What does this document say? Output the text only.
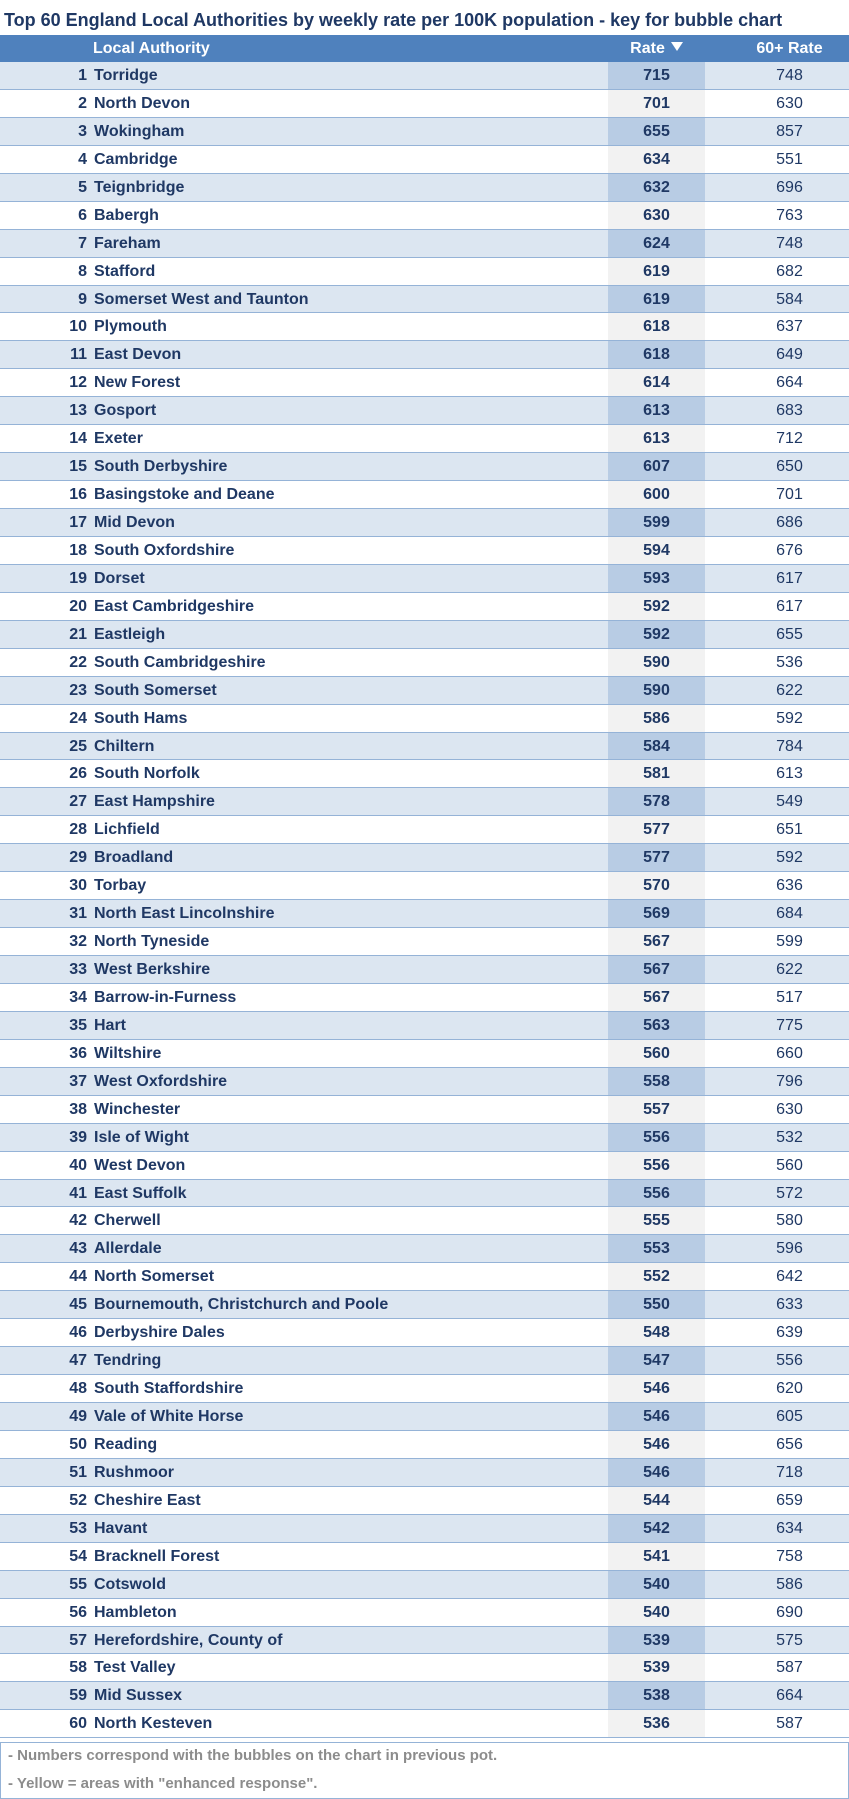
Top 60 England Local Authorities by weekly rate per 100K population - key for bubble chart
Local Authority	Rate	60+ Rate
1 Torridge	715	748
2 North Devon	701	630
3 Wokingham	655	857
4 Cambridge	634	551
5 Teignbridge	632	696
6 Babergh	630	763
7 Fareham	624	748
8 Stafford	619	682
9 Somerset West and Taunton	619	584
10 Plymouth	618	637
11 East Devon	618	649
12 New Forest	614	664
13 Gosport	613	683
14 Exeter	613	712
15 South Derbyshire	607	650
16 Basingstoke and Deane	600	701
17 Mid Devon	599	686
18 South Oxfordshire	594	676
19 Dorset	593	617
20 East Cambridgeshire	592	617
21 Eastleigh	592	655
22 South Cambridgeshire	590	536
23 South Somerset	590	622
24 South Hams	586	592
25 Chiltern	584	784
26 South Norfolk	581	613
27 East Hampshire	578	549
28 Lichfield	577	651
29 Broadland	577	592
30 Torbay	570	636
31 North East Lincolnshire	569	684
32 North Tyneside	567	599
33 West Berkshire	567	622
34 Barrow-in-Furness	567	517
35 Hart	563	775
36 Wiltshire	560	660
37 West Oxfordshire	558	796
38 Winchester	557	630
39 Isle of Wight	556	532
40 West Devon	556	560
41 East Suffolk	556	572
42 Cherwell	555	580
43 Allerdale	553	596
44 North Somerset	552	642
45 Bournemouth, Christchurch and Poole	550	633
46 Derbyshire Dales	548	639
47 Tendring	547	556
48 South Staffordshire	546	620
49 Vale of White Horse	546	605
50 Reading	546	656
51 Rushmoor	546	718
52 Cheshire East	544	659
53 Havant	542	634
54 Bracknell Forest	541	758
55 Cotswold	540	586
56 Hambleton	540	690
57 Herefordshire, County of	539	575
58 Test Valley	539	587
59 Mid Sussex	538	664
60 North Kesteven	536	587
- Numbers correspond with the bubbles on the chart in previous pot.
- Yellow = areas with "enhanced response".
